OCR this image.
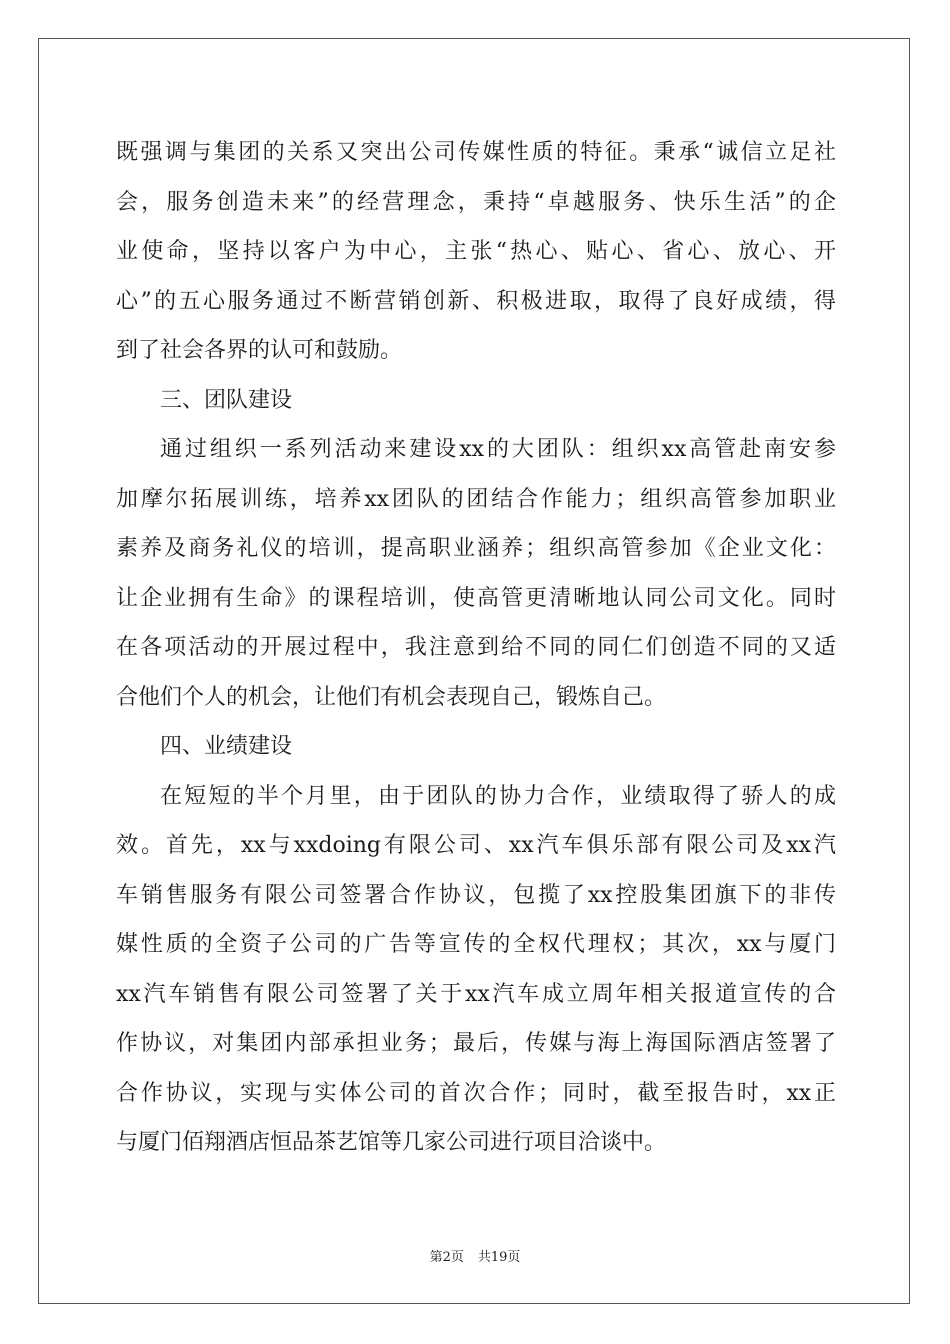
既强调与集团的关系又突出公司传媒性质的特征。秉承“诚信立足社
会，服务创造未来”的经营理念，秉持“卓越服务、快乐生活”的企
业使命，坚持以客户为中心，主张“热心、贴心、省心、放心、开
心”的五心服务通过不断营销创新、积极进取，取得了良好成绩，得
到了社会各界的认可和鼓励。
三、团队建设
通过组织一系列活动来建设xx的大团队：组织xx高管赴南安参
加摩尔拓展训练，培养xx团队的团结合作能力；组织高管参加职业
素养及商务礼仪的培训，提高职业涵养；组织高管参加《企业文化：
让企业拥有生命》的课程培训，使高管更清晰地认同公司文化。同时
在各项活动的开展过程中，我注意到给不同的同仁们创造不同的又适
合他们个人的机会，让他们有机会表现自己，锻炼自己。
四、业绩建设
在短短的半个月里，由于团队的协力合作，业绩取得了骄人的成
效。首先，xx与xxdoing有限公司、xx汽车俱乐部有限公司及xx汽
车销售服务有限公司签署合作协议，包揽了xx控股集团旗下的非传
媒性质的全资子公司的广告等宣传的全权代理权；其次，xx与厦门
xx汽车销售有限公司签署了关于xx汽车成立周年相关报道宣传的合
作协议，对集团内部承担业务；最后，传媒与海上海国际酒店签署了
合作协议，实现与实体公司的首次合作；同时，截至报告时，xx正
与厦门佰翔酒店恒品茶艺馆等几家公司进行项目洽谈中。
第2页 共19页
